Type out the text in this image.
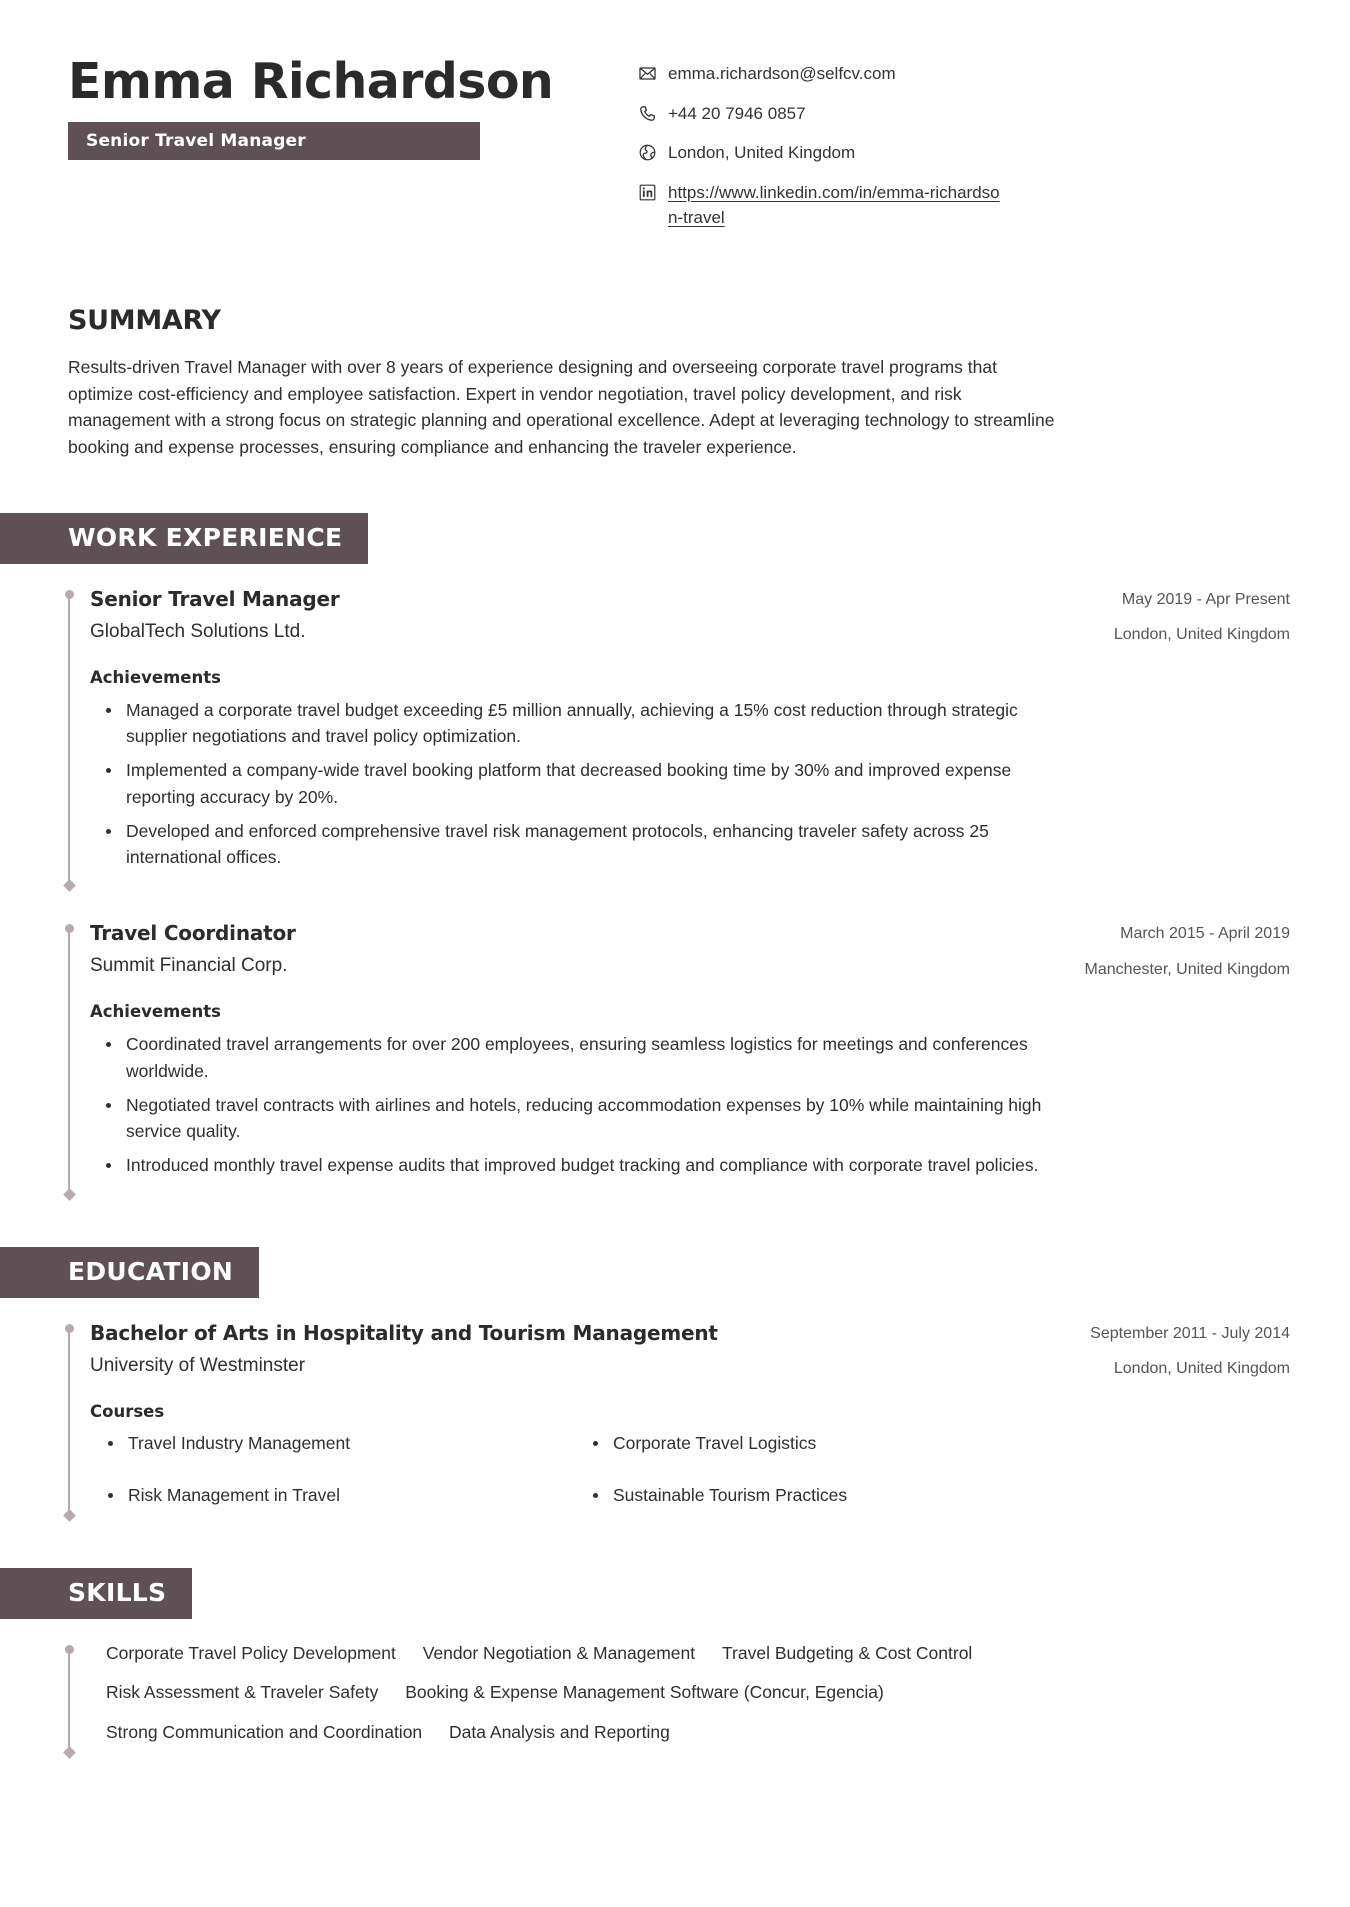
Emma Richardson
Senior Travel Manager
emma.richardson@selfcv.com
+44 20 7946 0857
London, United Kingdom
https://www.linkedin.com/in/emma-richardson-travel
SUMMARY
Results-driven Travel Manager with over 8 years of experience designing and overseeing corporate travel programs that optimize cost-efficiency and employee satisfaction. Expert in vendor negotiation, travel policy development, and risk management with a strong focus on strategic planning and operational excellence. Adept at leveraging technology to streamline booking and expense processes, ensuring compliance and enhancing the traveler experience.
WORK EXPERIENCE
Senior Travel Manager
GlobalTech Solutions Ltd.
May 2019 - Apr Present
London, United Kingdom
Achievements
Managed a corporate travel budget exceeding £5 million annually, achieving a 15% cost reduction through strategic supplier negotiations and travel policy optimization.
Implemented a company-wide travel booking platform that decreased booking time by 30% and improved expense reporting accuracy by 20%.
Developed and enforced comprehensive travel risk management protocols, enhancing traveler safety across 25 international offices.
Travel Coordinator
Summit Financial Corp.
March 2015 - April 2019
Manchester, United Kingdom
Achievements
Coordinated travel arrangements for over 200 employees, ensuring seamless logistics for meetings and conferences worldwide.
Negotiated travel contracts with airlines and hotels, reducing accommodation expenses by 10% while maintaining high service quality.
Introduced monthly travel expense audits that improved budget tracking and compliance with corporate travel policies.
EDUCATION
Bachelor of Arts in Hospitality and Tourism Management
University of Westminster
September 2011 - July 2014
London, United Kingdom
Courses
Travel Industry Management	Corporate Travel Logistics
Risk Management in Travel	Sustainable Tourism Practices
SKILLS
Corporate Travel Policy Development Vendor Negotiation & Management Travel Budgeting & Cost Control
Risk Assessment & Traveler Safety Booking & Expense Management Software (Concur, Egencia)
Strong Communication and Coordination Data Analysis and Reporting
